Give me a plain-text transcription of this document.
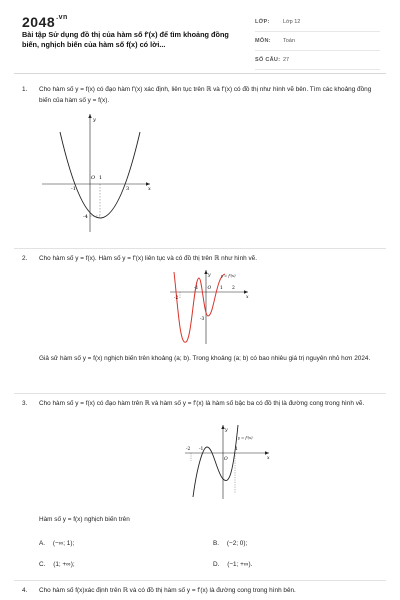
$2048^{.vn}$
Bài tập Sử dụng đồ thị của hàm số f'(x) để tìm khoảng đồng biến, nghịch biến của hàm số f(x) có lời...
LỚP:	Lớp 12
MÔN:	Toán
SỐ CÂU: 27
1. Cho hàm số y = f(x) có đạo hàm f'(x) xác định, liên tục trên ℝ và f'(x) có đồ thị như hình vẽ bên. Tìm các khoảng đồng biến của hàm số y = f(x).
y
x
O
-1
1
3
-4
2. Cho hàm số y = f(x). Hàm số y = f'(x) liên tục và có đồ thị trên ℝ như hình vẽ.
y
x
y = f'(x)
O
-2
-1	1 2
-3
Giả sử hàm số y = f(x) nghịch biến trên khoảng (a; b). Trong khoảng (a; b) có bao nhiêu giá trị nguyên nhỏ hơn 2024.
3. Cho hàm số y = f(x) có đạo hàm trên ℝ và hàm số y = f'(x) là hàm số bậc ba có đồ thị là đường cong trong hình vẽ.
y
x
y = f'(x)
O
-2 -1	1
Hàm số y = f(x) nghịch biến trên
A. (−∞; 1);	B. (−2; 0);
C. (1; +∞);	D. (−1; +∞).
4. Cho hàm số f(x)xác định trên ℝ và có đồ thị hàm số y = f'(x) là đường cong trong hình bên.
